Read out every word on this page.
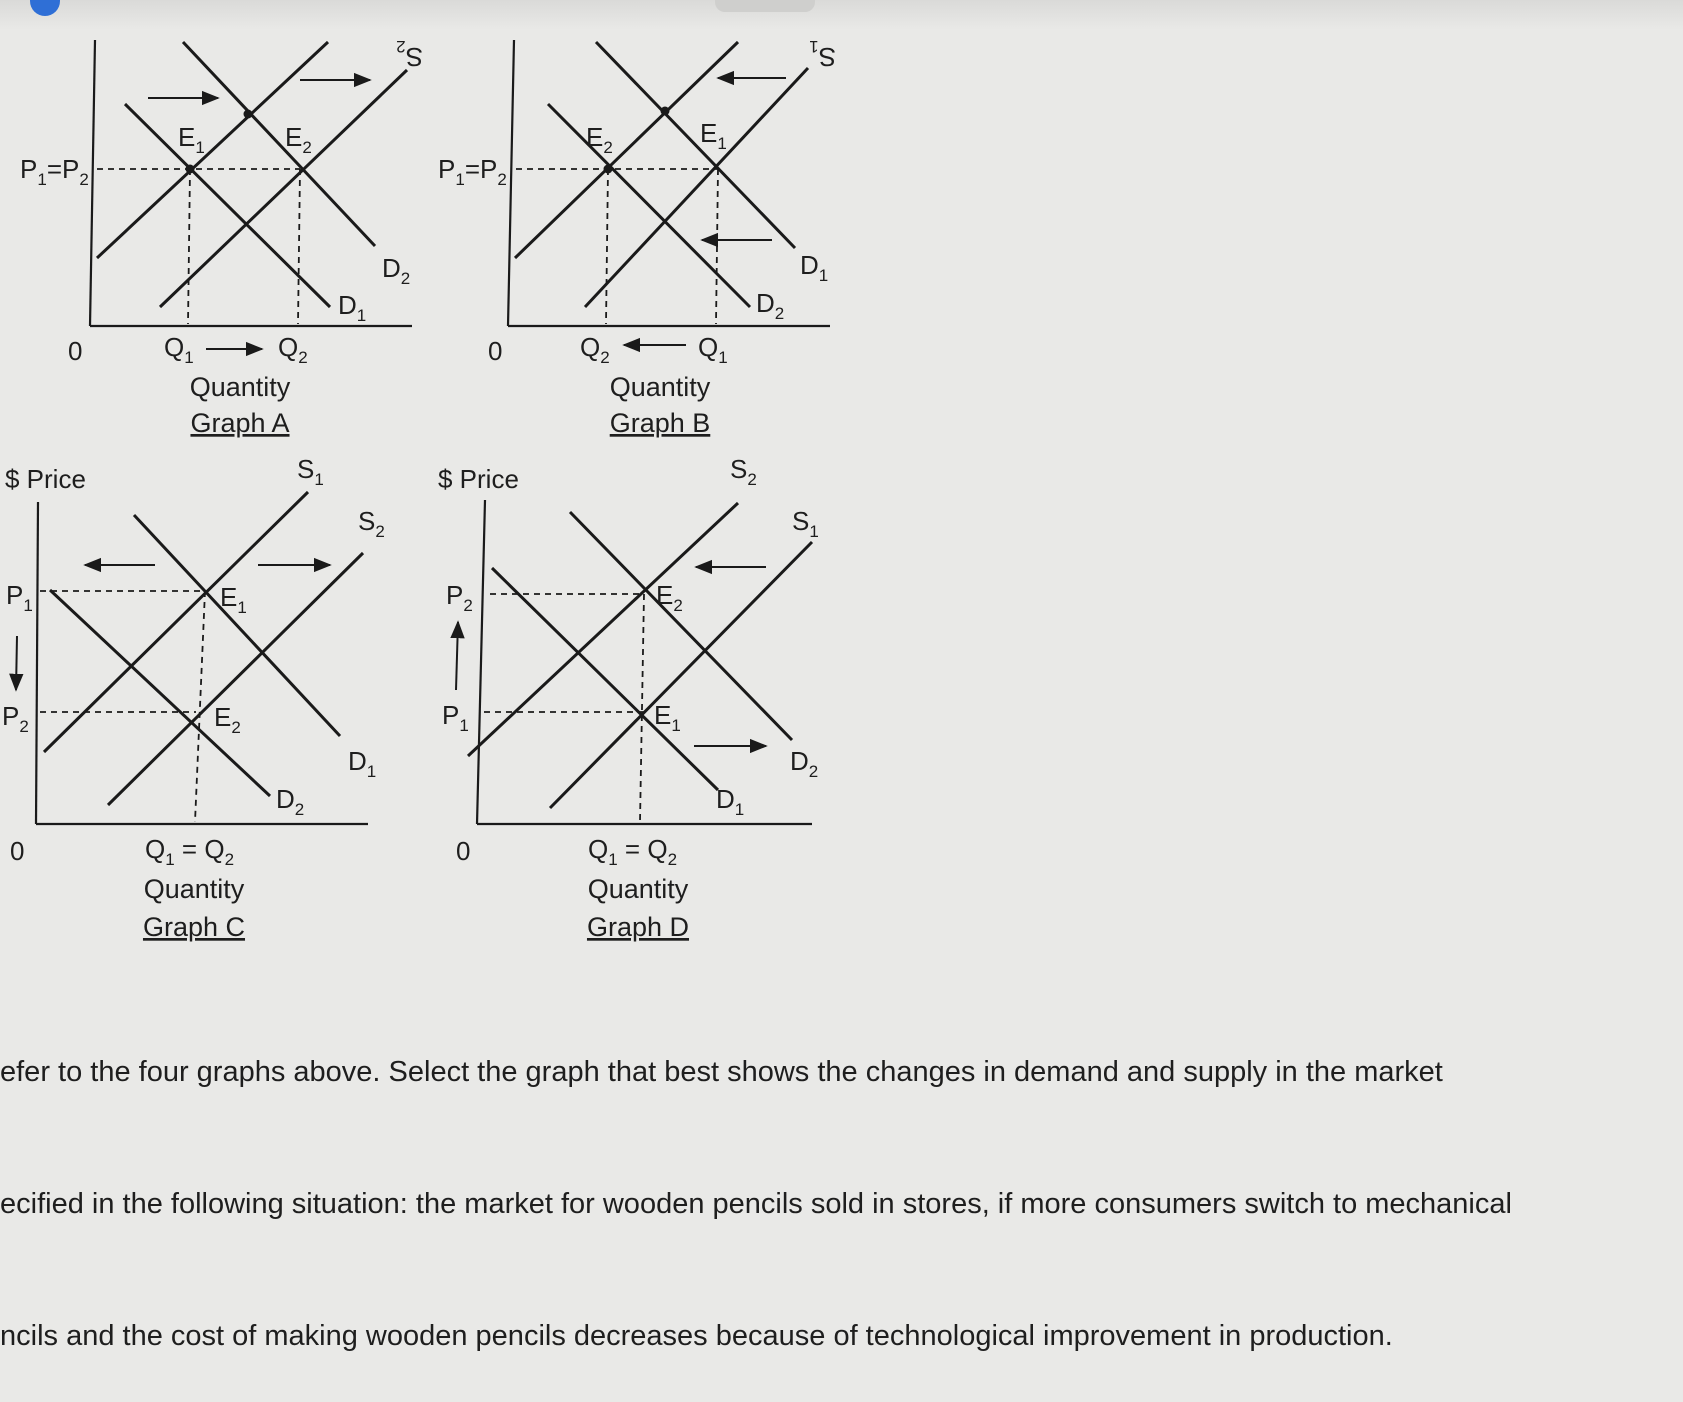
$P_1=P_2$
$E_1$	$E_2$
$S_2$
$D_2$
$D_1$
0	$Q_1$	$Q_2$
Quantity
Graph A
$P_1=P_2$
$E_2$	$E_1$
$S_1$
$D_1$
$D_2$
0	$Q_2$	$Q_1$
Quantity
Graph B
$ Price
$P_1$
$P_2$
$E_1$
$E_2$
$S_1$
$S_2$
$D_1$
$D_2$
0	$Q_1 = Q_2$
Quantity
Graph C
$ Price
$P_2$
$P_1$
$E_2$
$E_1$
$S_2$
$S_1$
$D_2$
$D_1$
0	$Q_1 = Q_2$
Quantity
Graph D

efer to the four graphs above. Select the graph that best shows the changes in demand and supply in the market

ecified in the following situation: the market for wooden pencils sold in stores, if more consumers switch to mechanical

ncils and the cost of making wooden pencils decreases because of technological improvement in production.
